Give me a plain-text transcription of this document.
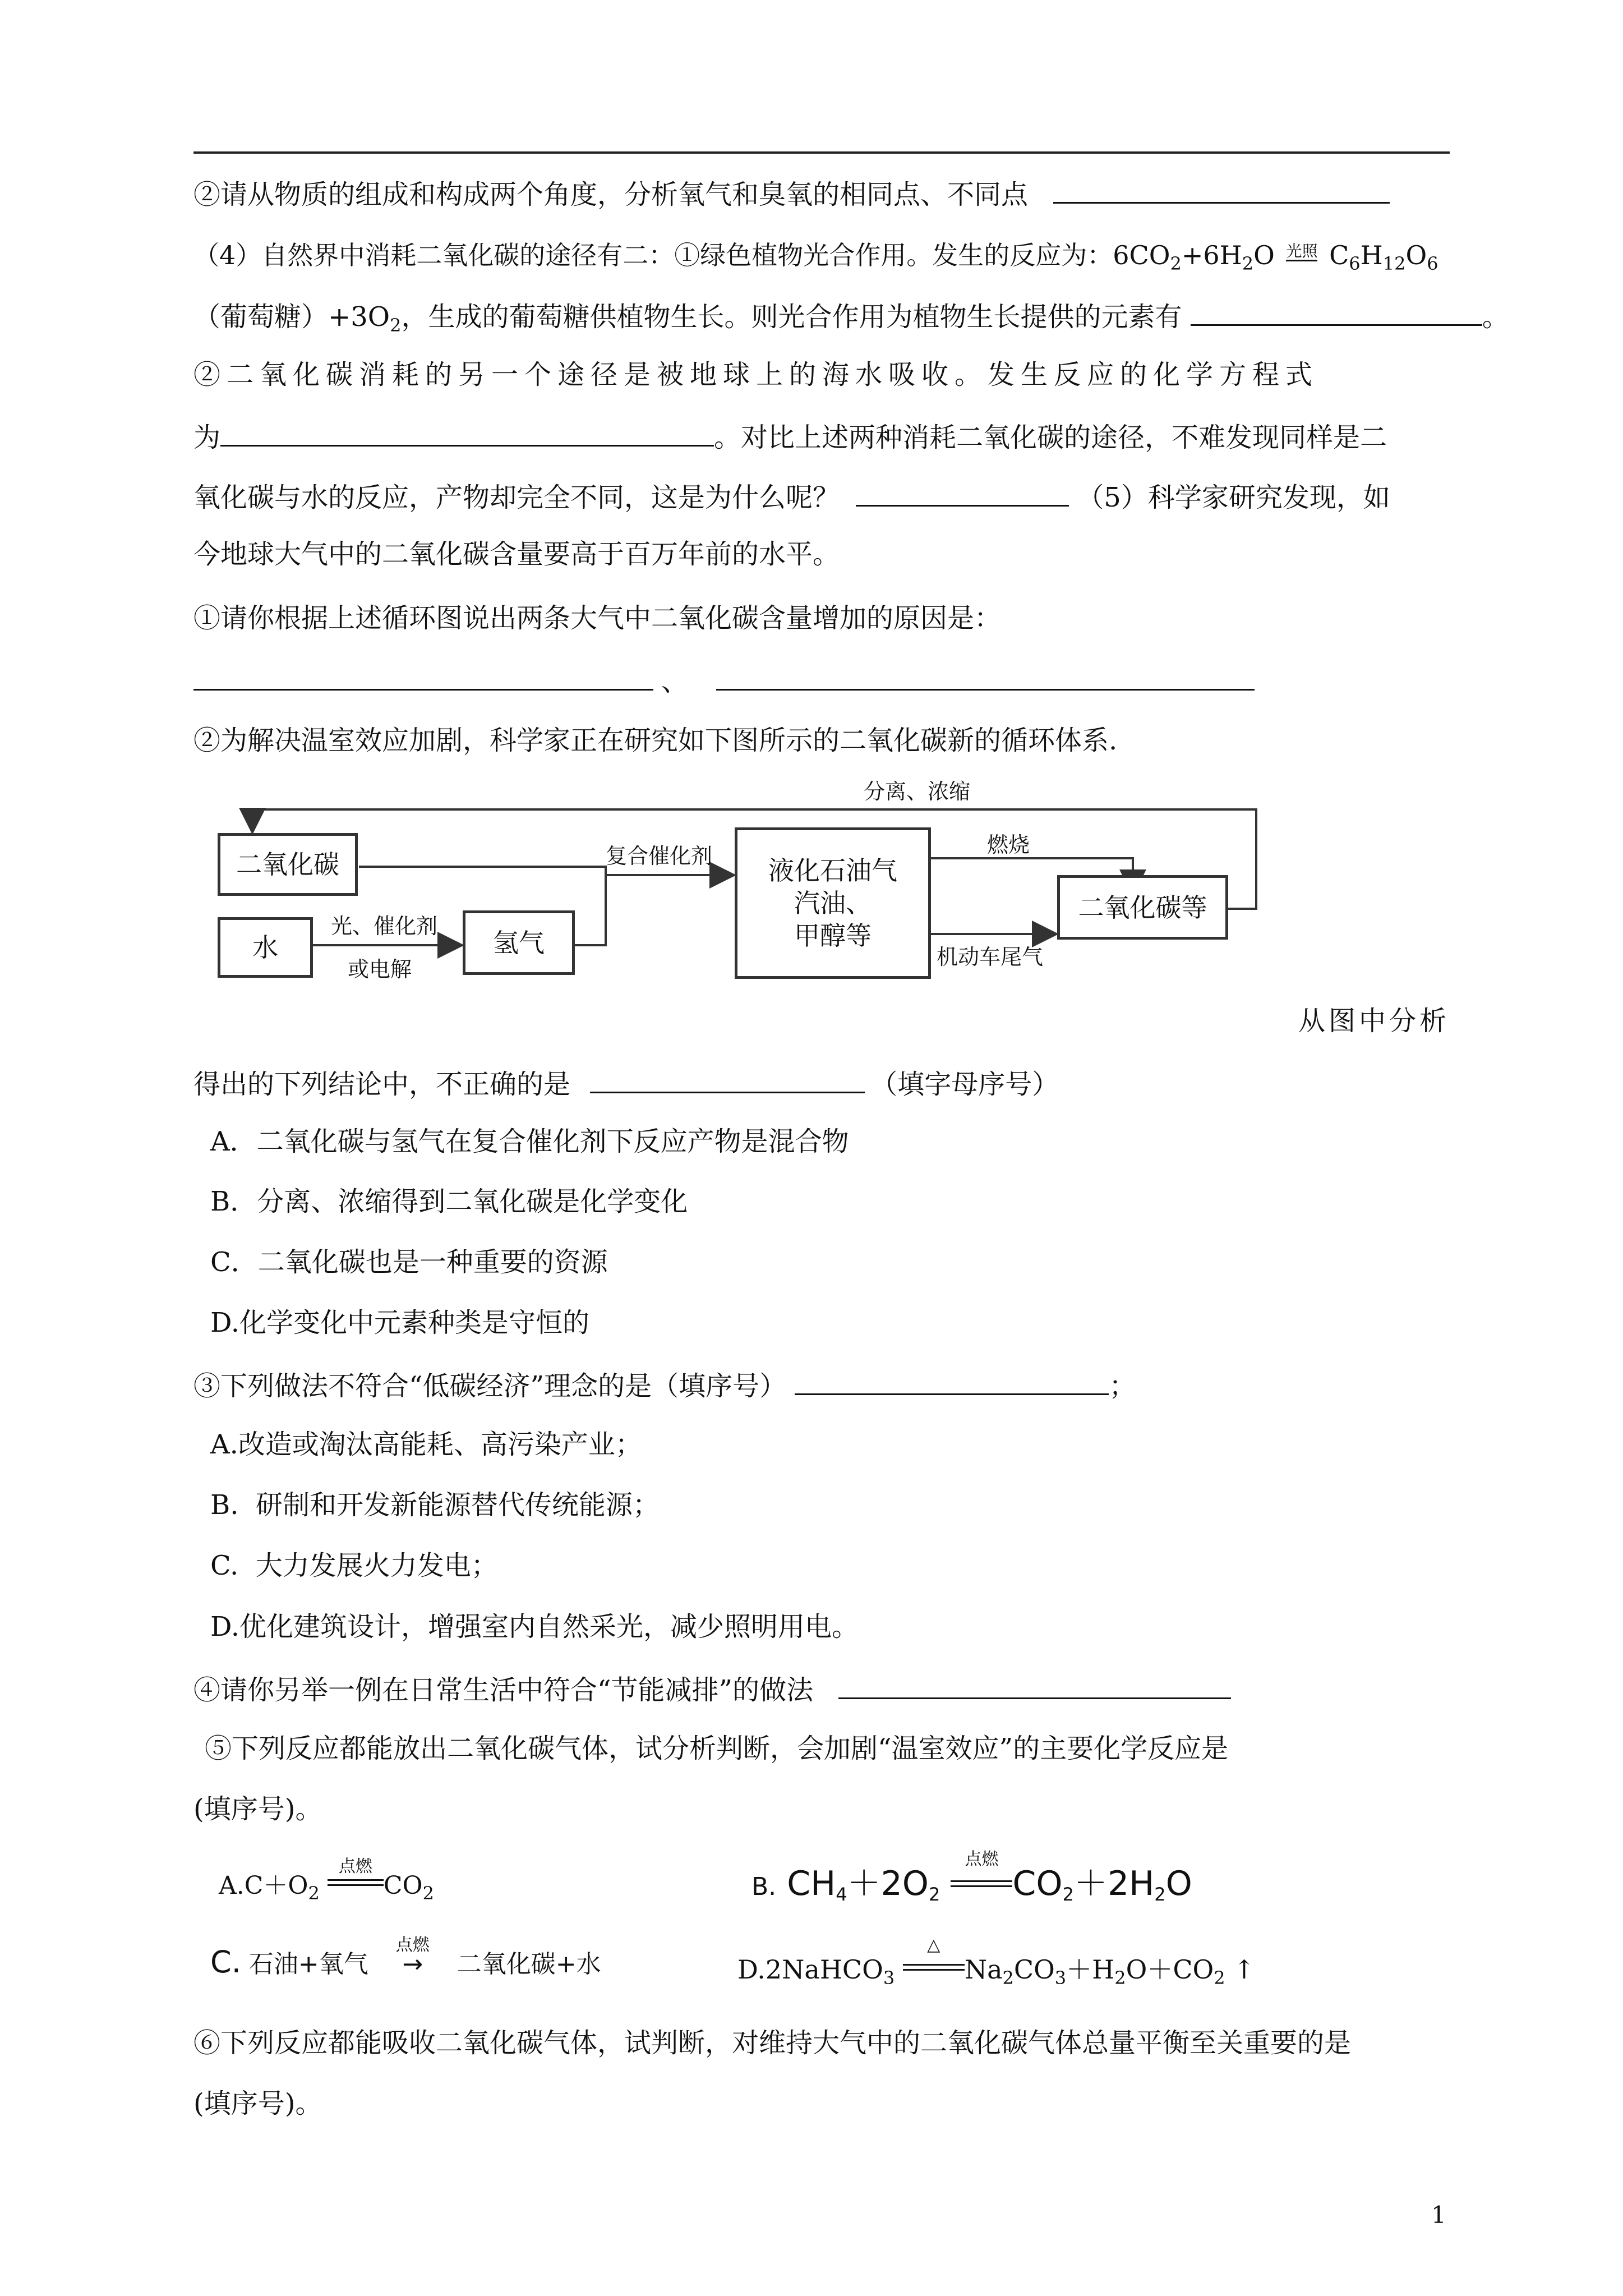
②请从物质的组成和构成两个角度，分析氧气和臭氧的相同点、不同点
（4）自然界中消耗二氧化碳的途径有二：①绿色植物光合作用。发生的反应为：$6CO_2+6H_2O$ 光照 $C_6H_{12}O_6$
（葡萄糖）$+3O_2$，生成的葡萄糖供植物生长。则光合作用为植物生长提供的元素有	。
②二氧化碳消耗的另一个途径是被地球上的海水吸收。发生反应的化学方程式
为	。对比上述两种消耗二氧化碳的途径，不难发现同样是二
氧化碳与水的反应，产物却完全不同，这是为什么呢？	（5）科学家研究发现，如
今地球大气中的二氧化碳含量要高于百万年前的水平。
①请你根据上述循环图说出两条大气中二氧化碳含量增加的原因是：
、
②为解决温室效应加剧，科学家正在研究如下图所示的二氧化碳新的循环体系.
二氧化碳
水	氢气
液化石油气
汽油、
甲醇等
二氧化碳等
分离、浓缩
光、催化剂
或电解
复合催化剂	燃烧
机动车尾气
从图中分析
得出的下列结论中，不正确的是	（填字母序号）
A．二氧化碳与氢气在复合催化剂下反应产物是混合物
B．分离、浓缩得到二氧化碳是化学变化
C．二氧化碳也是一种重要的资源
D.化学变化中元素种类是守恒的
③下列做法不符合“低碳经济”理念的是（填序号）	；
A.改造或淘汰高能耗、高污染产业；
B.  研制和开发新能源替代传统能源；
C.  大力发展火力发电；
D.优化建筑设计，增强室内自然采光，减少照明用电。
④请你另举一例在日常生活中符合“节能减排”的做法
⑤下列反应都能放出二氧化碳气体，试分析判断，会加剧“温室效应”的主要化学反应是
(填序号)。
$A.C+O_2$
点燃
$CO_2$	B. $CH_4+2O_2$
点燃
$CO_2+2H_2O$
C. 石油+氧气
点燃
→ 二氧化碳+水	D.2NaHCO$_3$
△
$Na_2CO_3+H_2O+CO_2$ ↑
⑥下列反应都能吸收二氧化碳气体，试判断，对维持大气中的二氧化碳气体总量平衡至关重要的是
(填序号)。
1
